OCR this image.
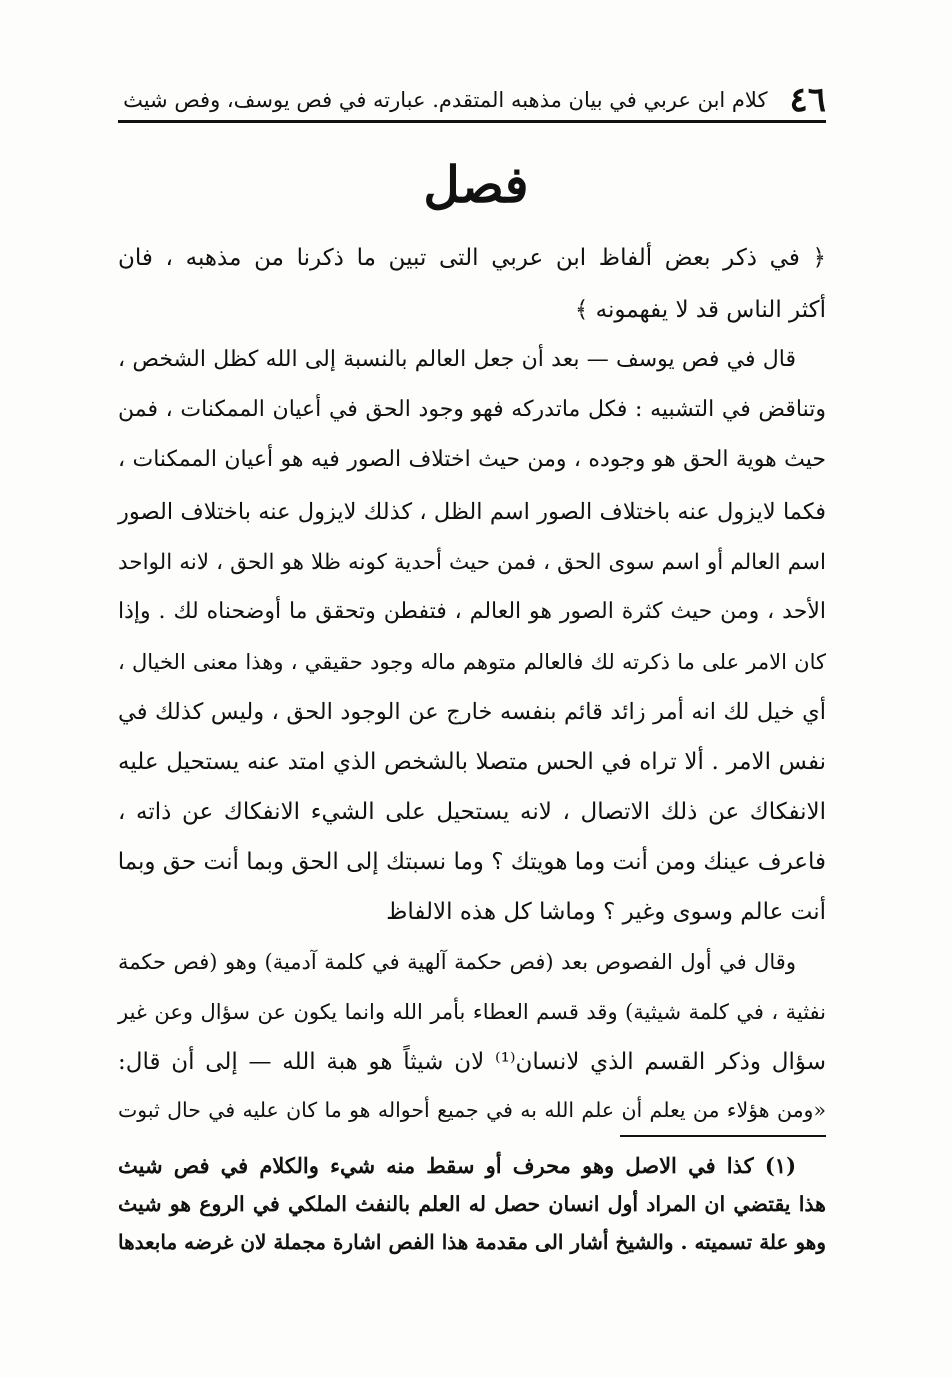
٤٦
كلام ابن عربي في بيان مذهبه المتقدم. عبارته في فص يوسف، وفص شيث
فصل
﴿ في ذكر بعض ألفاظ ابن عربي التى تبين ما ذكرنا من مذهبه ، فان
أكثر الناس قد لا يفهمونه ﴾
قال في فص يوسف — بعد أن جعل العالم بالنسبة إلى الله كظل الشخص ،
وتناقض في التشبيه : فكل ماتدركه فهو وجود الحق في أعيان الممكنات ، فمن
حيث هوية الحق هو وجوده ، ومن حيث اختلاف الصور فيه هو أعيان الممكنات ،
فكما لايزول عنه باختلاف الصور اسم الظل ، كذلك لايزول عنه باختلاف الصور
اسم العالم أو اسم سوى الحق ، فمن حيث أحدية كونه ظلا هو الحق ، لانه الواحد
الأحد ، ومن حيث كثرة الصور هو العالم ، فتفطن وتحقق ما أوضحناه لك . وإذا
كان الامر على ما ذكرته لك فالعالم متوهم ماله وجود حقيقي ، وهذا معنى الخيال ،
أي خيل لك انه أمر زائد قائم بنفسه خارج عن الوجود الحق ، وليس كذلك في
نفس الامر . ألا تراه في الحس متصلا بالشخص الذي امتد عنه يستحيل عليه
الانفكاك عن ذلك الاتصال ، لانه يستحيل على الشيء الانفكاك عن ذاته ،
فاعرف عينك ومن أنت وما هويتك ؟ وما نسبتك إلى الحق وبما أنت حق وبما
أنت عالم وسوى وغير ؟ وماشا كل هذه الالفاظ
وقال في أول الفصوص بعد (فص حكمة آلهية في كلمة آدمية) وهو (فص حكمة
نفثية ، في كلمة شيثية) وقد قسم العطاء بأمر الله وانما يكون عن سؤال وعن غير
سؤال وذكر القسم الذي لانسان⁽¹⁾ لان شيثاً هو هبة الله — إلى أن قال:
«ومن هؤلاء من يعلم أن علم الله به في جميع أحواله هو ما كان عليه في حال ثبوت
(١) كذا في الاصل وهو محرف أو سقط منه شيء والكلام في فص شيث
هذا يقتضي ان المراد أول انسان حصل له العلم بالنفث الملكي في الروع هو شيث
وهو علة تسميته . والشيخ أشار الى مقدمة هذا الفص اشارة مجملة لان غرضه مابعدها
